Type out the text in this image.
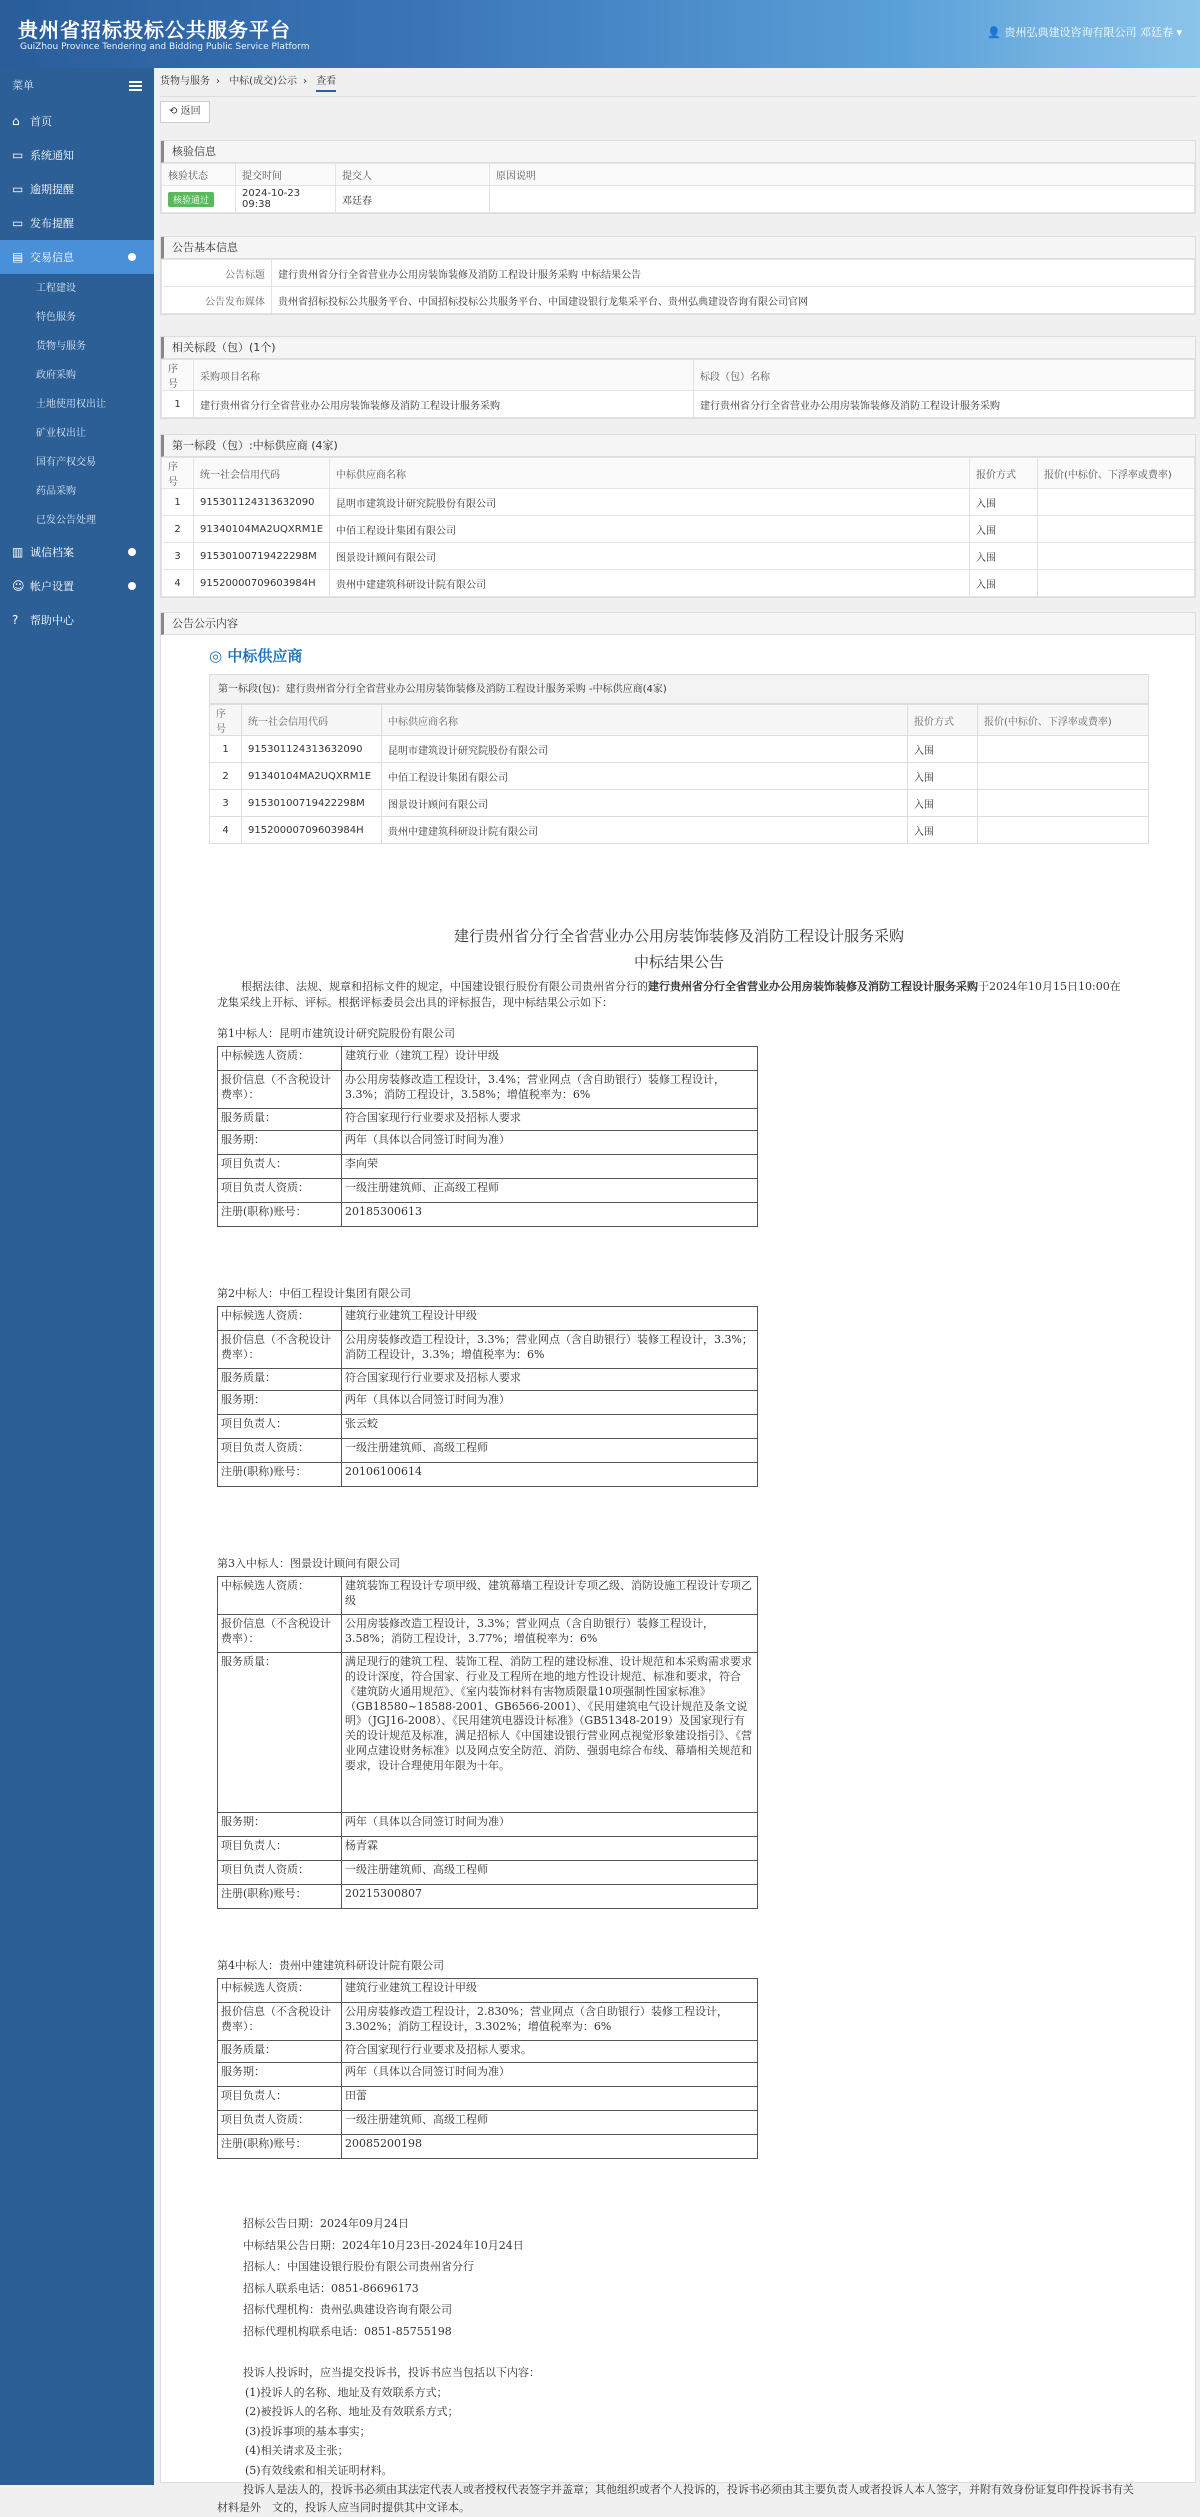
贵州省招标投标公共服务平台
GuiZhou Province Tendering and Bidding Public Service Platform
👤 贵州弘典建设咨询有限公司 邓廷春 ▾
菜单
⌂ 首页
▭ 系统通知
▭ 逾期提醒
▭ 发布提醒
▤ 交易信息
工程建设
特色服务
货物与服务
政府采购
土地使用权出让
矿业权出让
国有产权交易
药品采购
已发公告处理
▥ 诚信档案
☺ 帐户设置
? 帮助中心
货物与服务 › 中标(成交)公示 › 查看
⟲ 返回
核验信息
核验状态	提交时间	提交人	原因说明
核验通过	2024-10-23 09:38	邓廷春	
公告基本信息
公告标题	建行贵州省分行全省营业办公用房装饰装修及消防工程设计服务采购 中标结果公告
公告发布媒体	贵州省招标投标公共服务平台、中国招标投标公共服务平台、中国建设银行龙集采平台、贵州弘典建设咨询有限公司官网
相关标段（包）(1个)
序号	采购项目名称	标段（包）名称
1	建行贵州省分行全省营业办公用房装饰装修及消防工程设计服务采购	建行贵州省分行全省营业办公用房装饰装修及消防工程设计服务采购
第一标段（包）:中标供应商 (4家)
序号	统一社会信用代码	中标供应商名称	报价方式	报价(中标价、下浮率或费率)
1	915301124313632090	昆明市建筑设计研究院股份有限公司	入围	
2	91340104MA2UQXRM1E	中佰工程设计集团有限公司	入围	
3	91530100719422298M	图景设计顾问有限公司	入围	
4	91520000709603984H	贵州中建建筑科研设计院有限公司	入围	
公告公示内容
◎ 中标供应商
第一标段(包)：建行贵州省分行全省营业办公用房装饰装修及消防工程设计服务采购 -中标供应商(4家)
序号	统一社会信用代码	中标供应商名称	报价方式	报价(中标价、下浮率或费率)
1	915301124313632090	昆明市建筑设计研究院股份有限公司	入围	
2	91340104MA2UQXRM1E	中佰工程设计集团有限公司	入围	
3	91530100719422298M	图景设计顾问有限公司	入围	
4	91520000709603984H	贵州中建建筑科研设计院有限公司	入围	
建行贵州省分行全省营业办公用房装饰装修及消防工程设计服务采购
中标结果公告
根据法律、法规、规章和招标文件的规定，中国建设银行股份有限公司贵州省分行的建行贵州省分行全省营业办公用房装饰装修及消防工程设计服务采购于2024年10月15日10:00在龙集采线上开标、评标。根据评标委员会出具的评标报告，现中标结果公示如下：
第1中标人：昆明市建筑设计研究院股份有限公司
中标候选人资质：	建筑行业（建筑工程）设计甲级
报价信息（不含税设计费率）：	办公用房装修改造工程设计，3.4%；营业网点（含自助银行）装修工程设计，3.3%；消防工程设计，3.58%；增值税率为：6%
服务质量：	符合国家现行行业要求及招标人要求
服务期：	两年（具体以合同签订时间为准）
项目负责人：	李向荣
项目负责人资质：	一级注册建筑师、正高级工程师
注册(职称)账号：	20185300613
第2中标人：中佰工程设计集团有限公司
中标候选人资质：	建筑行业建筑工程设计甲级
报价信息（不含税设计费率）：	公用房装修改造工程设计，3.3%；营业网点（含自助银行）装修工程设计，3.3%；消防工程设计，3.3%；增值税率为：6%
服务质量：	符合国家现行行业要求及招标人要求
服务期：	两年（具体以合同签订时间为准）
项目负责人：	张云蛟
项目负责人资质：	一级注册建筑师、高级工程师
注册(职称)账号：	20106100614
第3入中标人：图景设计顾问有限公司
中标候选人资质：	建筑装饰工程设计专项甲级、建筑幕墙工程设计专项乙级、消防设施工程设计专项乙级
报价信息（不含税设计费率）：	公用房装修改造工程设计，3.3%；营业网点（含自助银行）装修工程设计，3.58%；消防工程设计，3.77%；增值税率为：6%
服务质量：	满足现行的建筑工程、装饰工程、消防工程的建设标准、设计规范和本采购需求要求的设计深度，符合国家、行业及工程所在地的地方性设计规范、标准和要求，符合《建筑防火通用规范》、《室内装饰材料有害物质限量10项强制性国家标准》（GB18580~18588-2001、GB6566-2001）、《民用建筑电气设计规范及条文说明》（JGJ16-2008）、《民用建筑电器设计标准》（GB51348-2019）及国家现行有关的设计规范及标准，满足招标人《中国建设银行营业网点视觉形象建设指引》、《营业网点建设财务标准》以及网点安全防范、消防、强弱电综合布线、幕墙相关规范和要求，设计合理使用年限为十年。
服务期：	两年（具体以合同签订时间为准）
项目负责人：	杨青霖
项目负责人资质：	一级注册建筑师、高级工程师
注册(职称)账号：	20215300807
第4中标人：贵州中建建筑科研设计院有限公司
中标候选人资质：	建筑行业建筑工程设计甲级
报价信息（不含税设计费率）：	公用房装修改造工程设计，2.830%；营业网点（含自助银行）装修工程设计，3.302%；消防工程设计，3.302%；增值税率为：6%
服务质量：	符合国家现行行业要求及招标人要求。
服务期：	两年（具体以合同签订时间为准）
项目负责人：	田蕾
项目负责人资质：	一级注册建筑师、高级工程师
注册(职称)账号：	20085200198
招标公告日期：2024年09月24日
中标结果公告日期：2024年10月23日-2024年10月24日
招标人：中国建设银行股份有限公司贵州省分行
招标人联系电话：0851-86696173
招标代理机构：贵州弘典建设咨询有限公司
招标代理机构联系电话：0851-85755198
投诉人投诉时，应当提交投诉书，投诉书应当包括以下内容：
(1)投诉人的名称、地址及有效联系方式；
(2)被投诉人的名称、地址及有效联系方式；
(3)投诉事项的基本事实；
(4)相关请求及主张；
(5)有效线索和相关证明材料。
投诉人是法人的，投诉书必须由其法定代表人或者授权代表签字并盖章；其他组织或者个人投诉的，投诉书必须由其主要负责人或者投诉人本人签字，并附有效身份证复印件投诉书有关材料是外　文的，投诉人应当同时提供其中文译本。
